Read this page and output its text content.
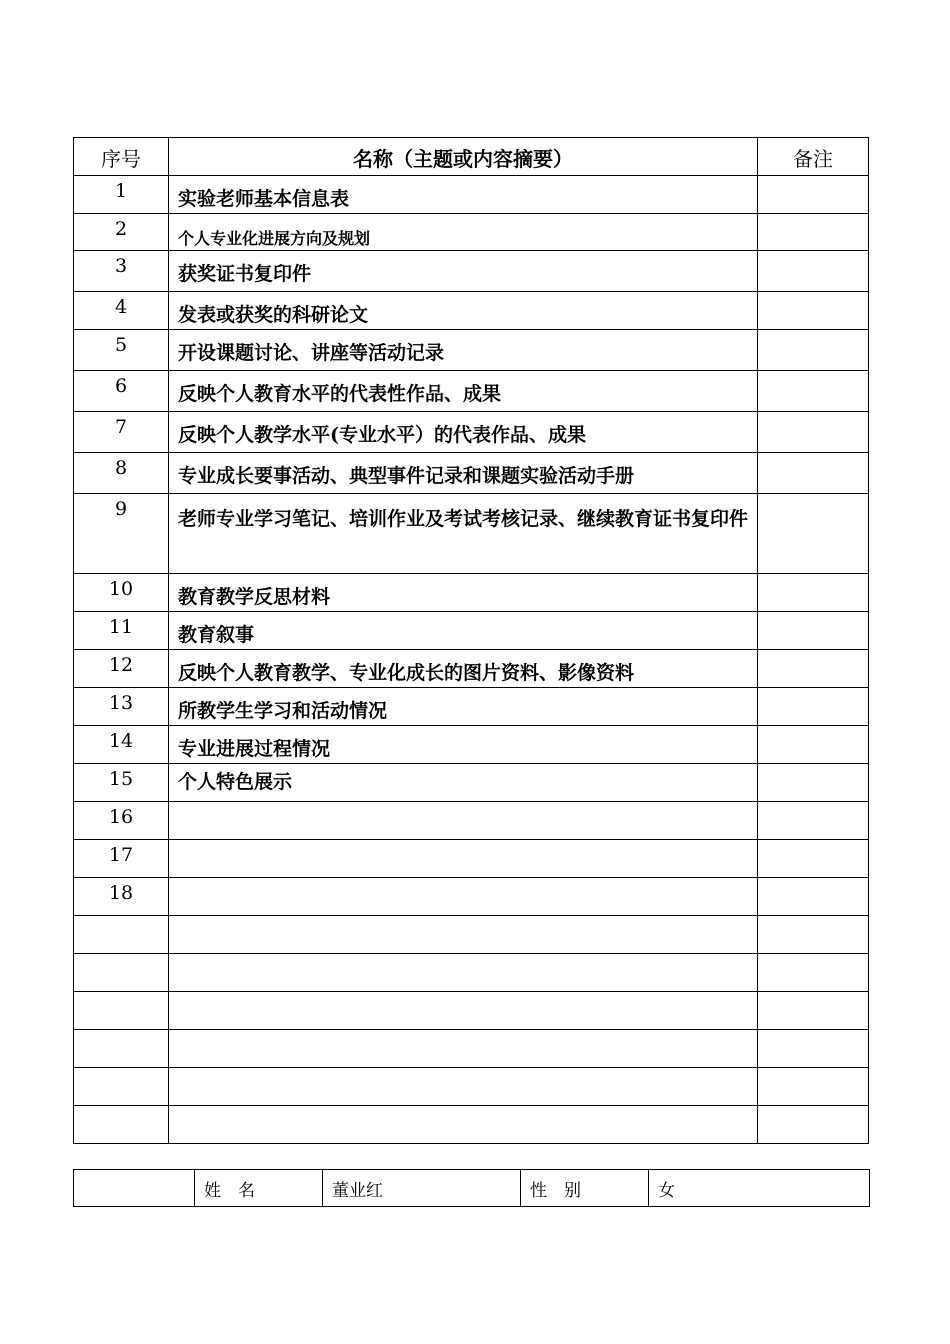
序号	名称（主题或内容摘要）	备注
1	实验老师基本信息表	
2	个人专业化进展方向及规划	
3	获奖证书复印件	
4	发表或获奖的科研论文	
5	开设课题讨论、讲座等活动记录	
6	反映个人教育水平的代表性作品、成果	
7	反映个人教学水平(专业水平）的代表作品、成果	
8	专业成长要事活动、典型事件记录和课题实验活动手册	
9	老师专业学习笔记、培训作业及考试考核记录、继续教育证书复印件	
10	教育教学反思材料	
11	教育叙事	
12	反映个人教育教学、专业化成长的图片资料、影像资料	
13	所教学生学习和活动情况	
14	专业进展过程情况	
15	个人特色展示	
16		
17		
18		

	姓　名	董业红	性　别	女
